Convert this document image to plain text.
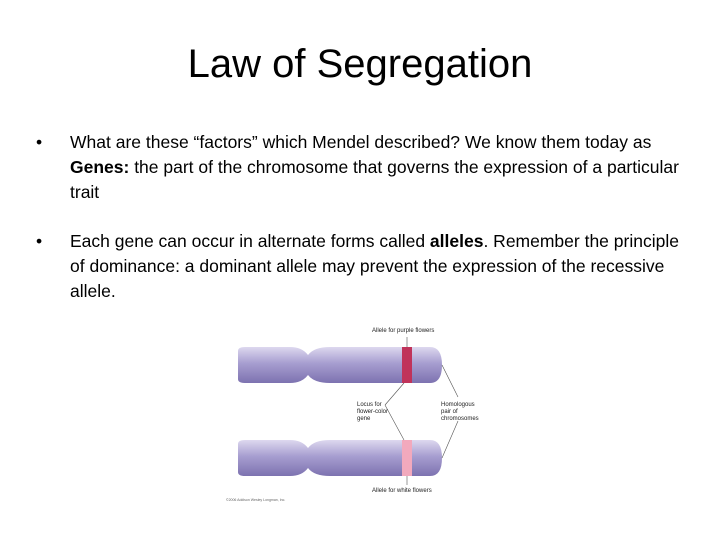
Law of Segregation
• What are these “factors” which Mendel described? We know them today as Genes: the part of the chromosome that governs the expression of a particular trait
• Each gene can occur in alternate forms called alleles. Remember the principle of dominance: a dominant allele may prevent the expression of the recessive allele.
Allele for purple flowers
Locus for flower-color gene
Homologous pair of chromosomes
Allele for white flowers
©2006 Addison Wesley Longman, Inc.
